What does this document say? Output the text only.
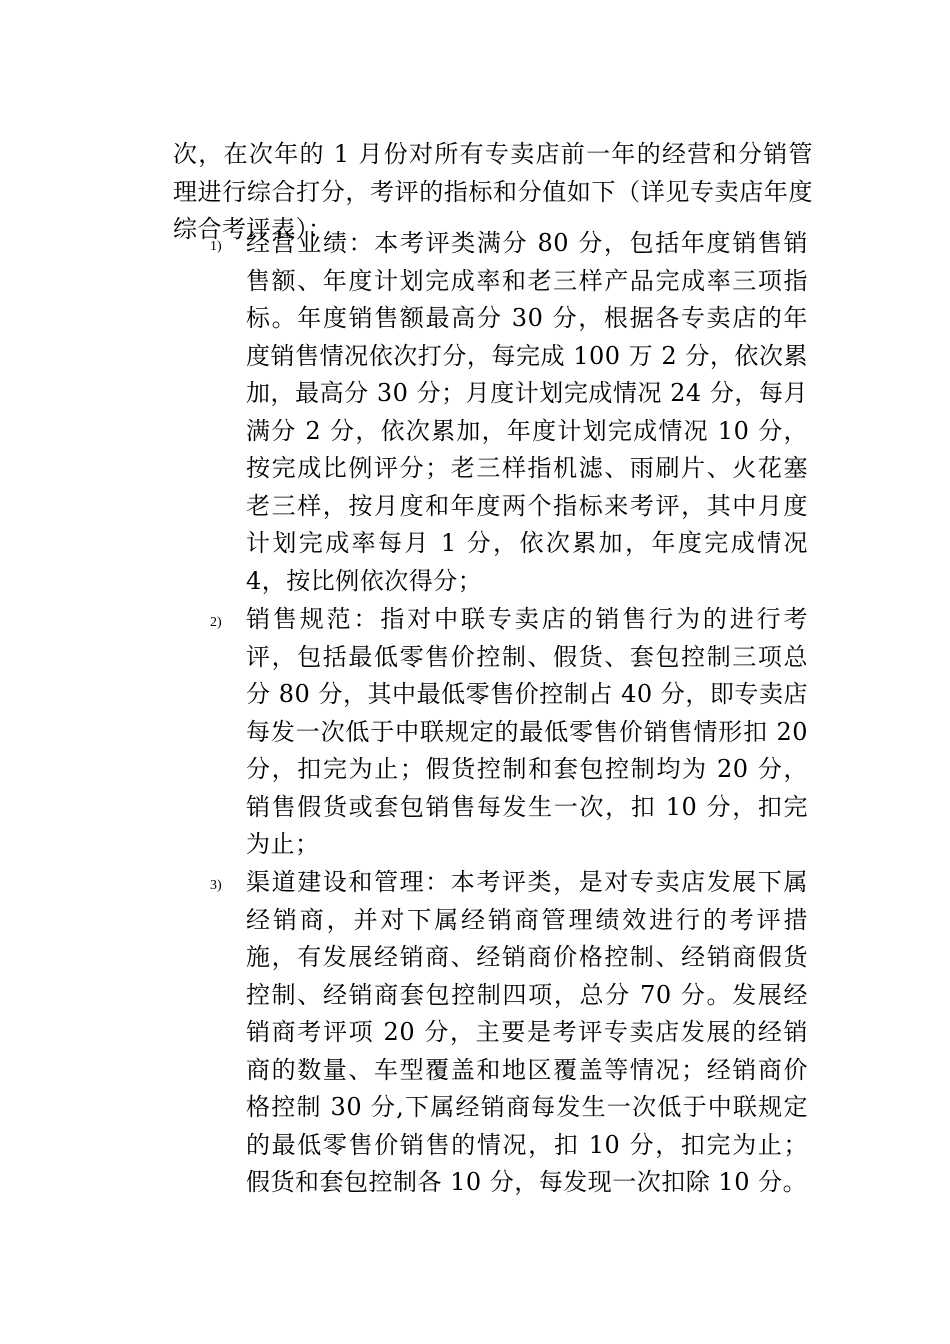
次，在次年的 1 月份对所有专卖店前一年的经营和分销管理进行综合打分，考评的指标和分值如下（详见专卖店年度综合考评表）：

1) 经营业绩：本考评类满分 80 分，包括年度销售销售额、年度计划完成率和老三样产品完成率三项指标。年度销售额最高分 30 分，根据各专卖店的年度销售情况依次打分，每完成 100 万 2 分，依次累加，最高分 30 分；月度计划完成情况 24 分，每月满分 2 分，依次累加，年度计划完成情况 10 分，按完成比例评分；老三样指机滤、雨刷片、火花塞老三样，按月度和年度两个指标来考评，其中月度计划完成率每月 1 分，依次累加，年度完成情况 4，按比例依次得分；
2) 销售规范：指对中联专卖店的销售行为的进行考评，包括最低零售价控制、假货、套包控制三项总分 80 分，其中最低零售价控制占 40 分，即专卖店每发一次低于中联规定的最低零售价销售情形扣 20 分，扣完为止；假货控制和套包控制均为 20 分，销售假货或套包销售每发生一次，扣 10 分，扣完为止；
3) 渠道建设和管理：本考评类，是对专卖店发展下属经销商，并对下属经销商管理绩效进行的考评措施，有发展经销商、经销商价格控制、经销商假货控制、经销商套包控制四项，总分 70 分。发展经销商考评项 20 分，主要是考评专卖店发展的经销商的数量、车型覆盖和地区覆盖等情况；经销商价格控制 30 分,下属经销商每发生一次低于中联规定的最低零售价销售的情况，扣 10 分，扣完为止；假货和套包控制各 10 分，每发现一次扣除 10 分。
